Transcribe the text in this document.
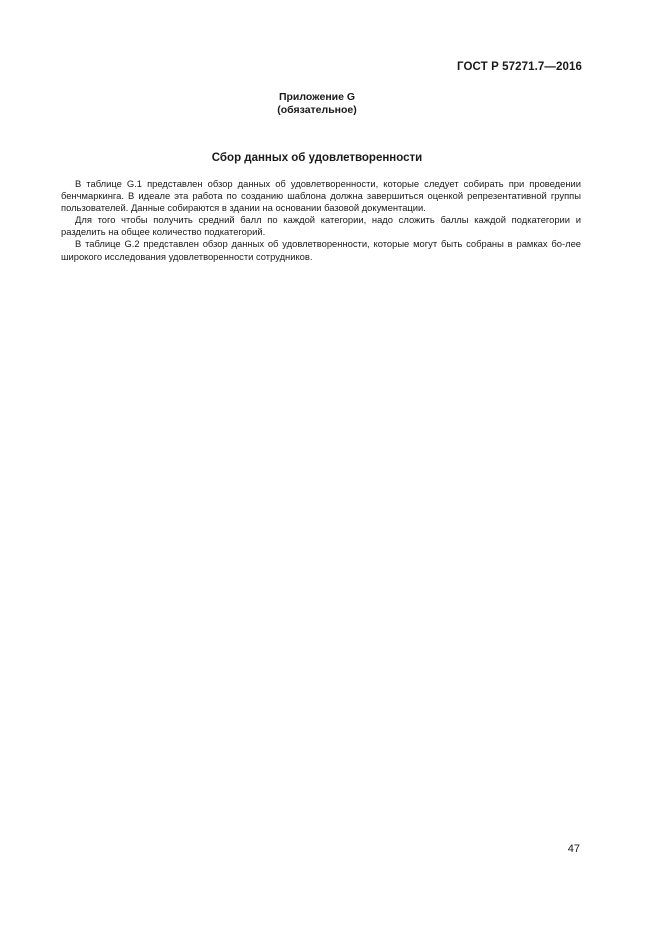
ГОСТ Р 57271.7—2016
Приложение G
(обязательное)
Сбор данных об удовлетворенности

В таблице G.1 представлен обзор данных об удовлетворенности, которые следует собирать при проведении бенчмаркинга. В идеале эта работа по созданию шаблона должна завершиться оценкой репрезентативной группы пользователей. Данные собираются в здании на основании базовой документации.

Для того чтобы получить средний балл по каждой категории, надо сложить баллы каждой подкатегории и разделить на общее количество подкатегорий.

В таблице G.2 представлен обзор данных об удовлетворенности, которые могут быть собраны в рамках бо-лее широкого исследования удовлетворенности сотрудников.

47
